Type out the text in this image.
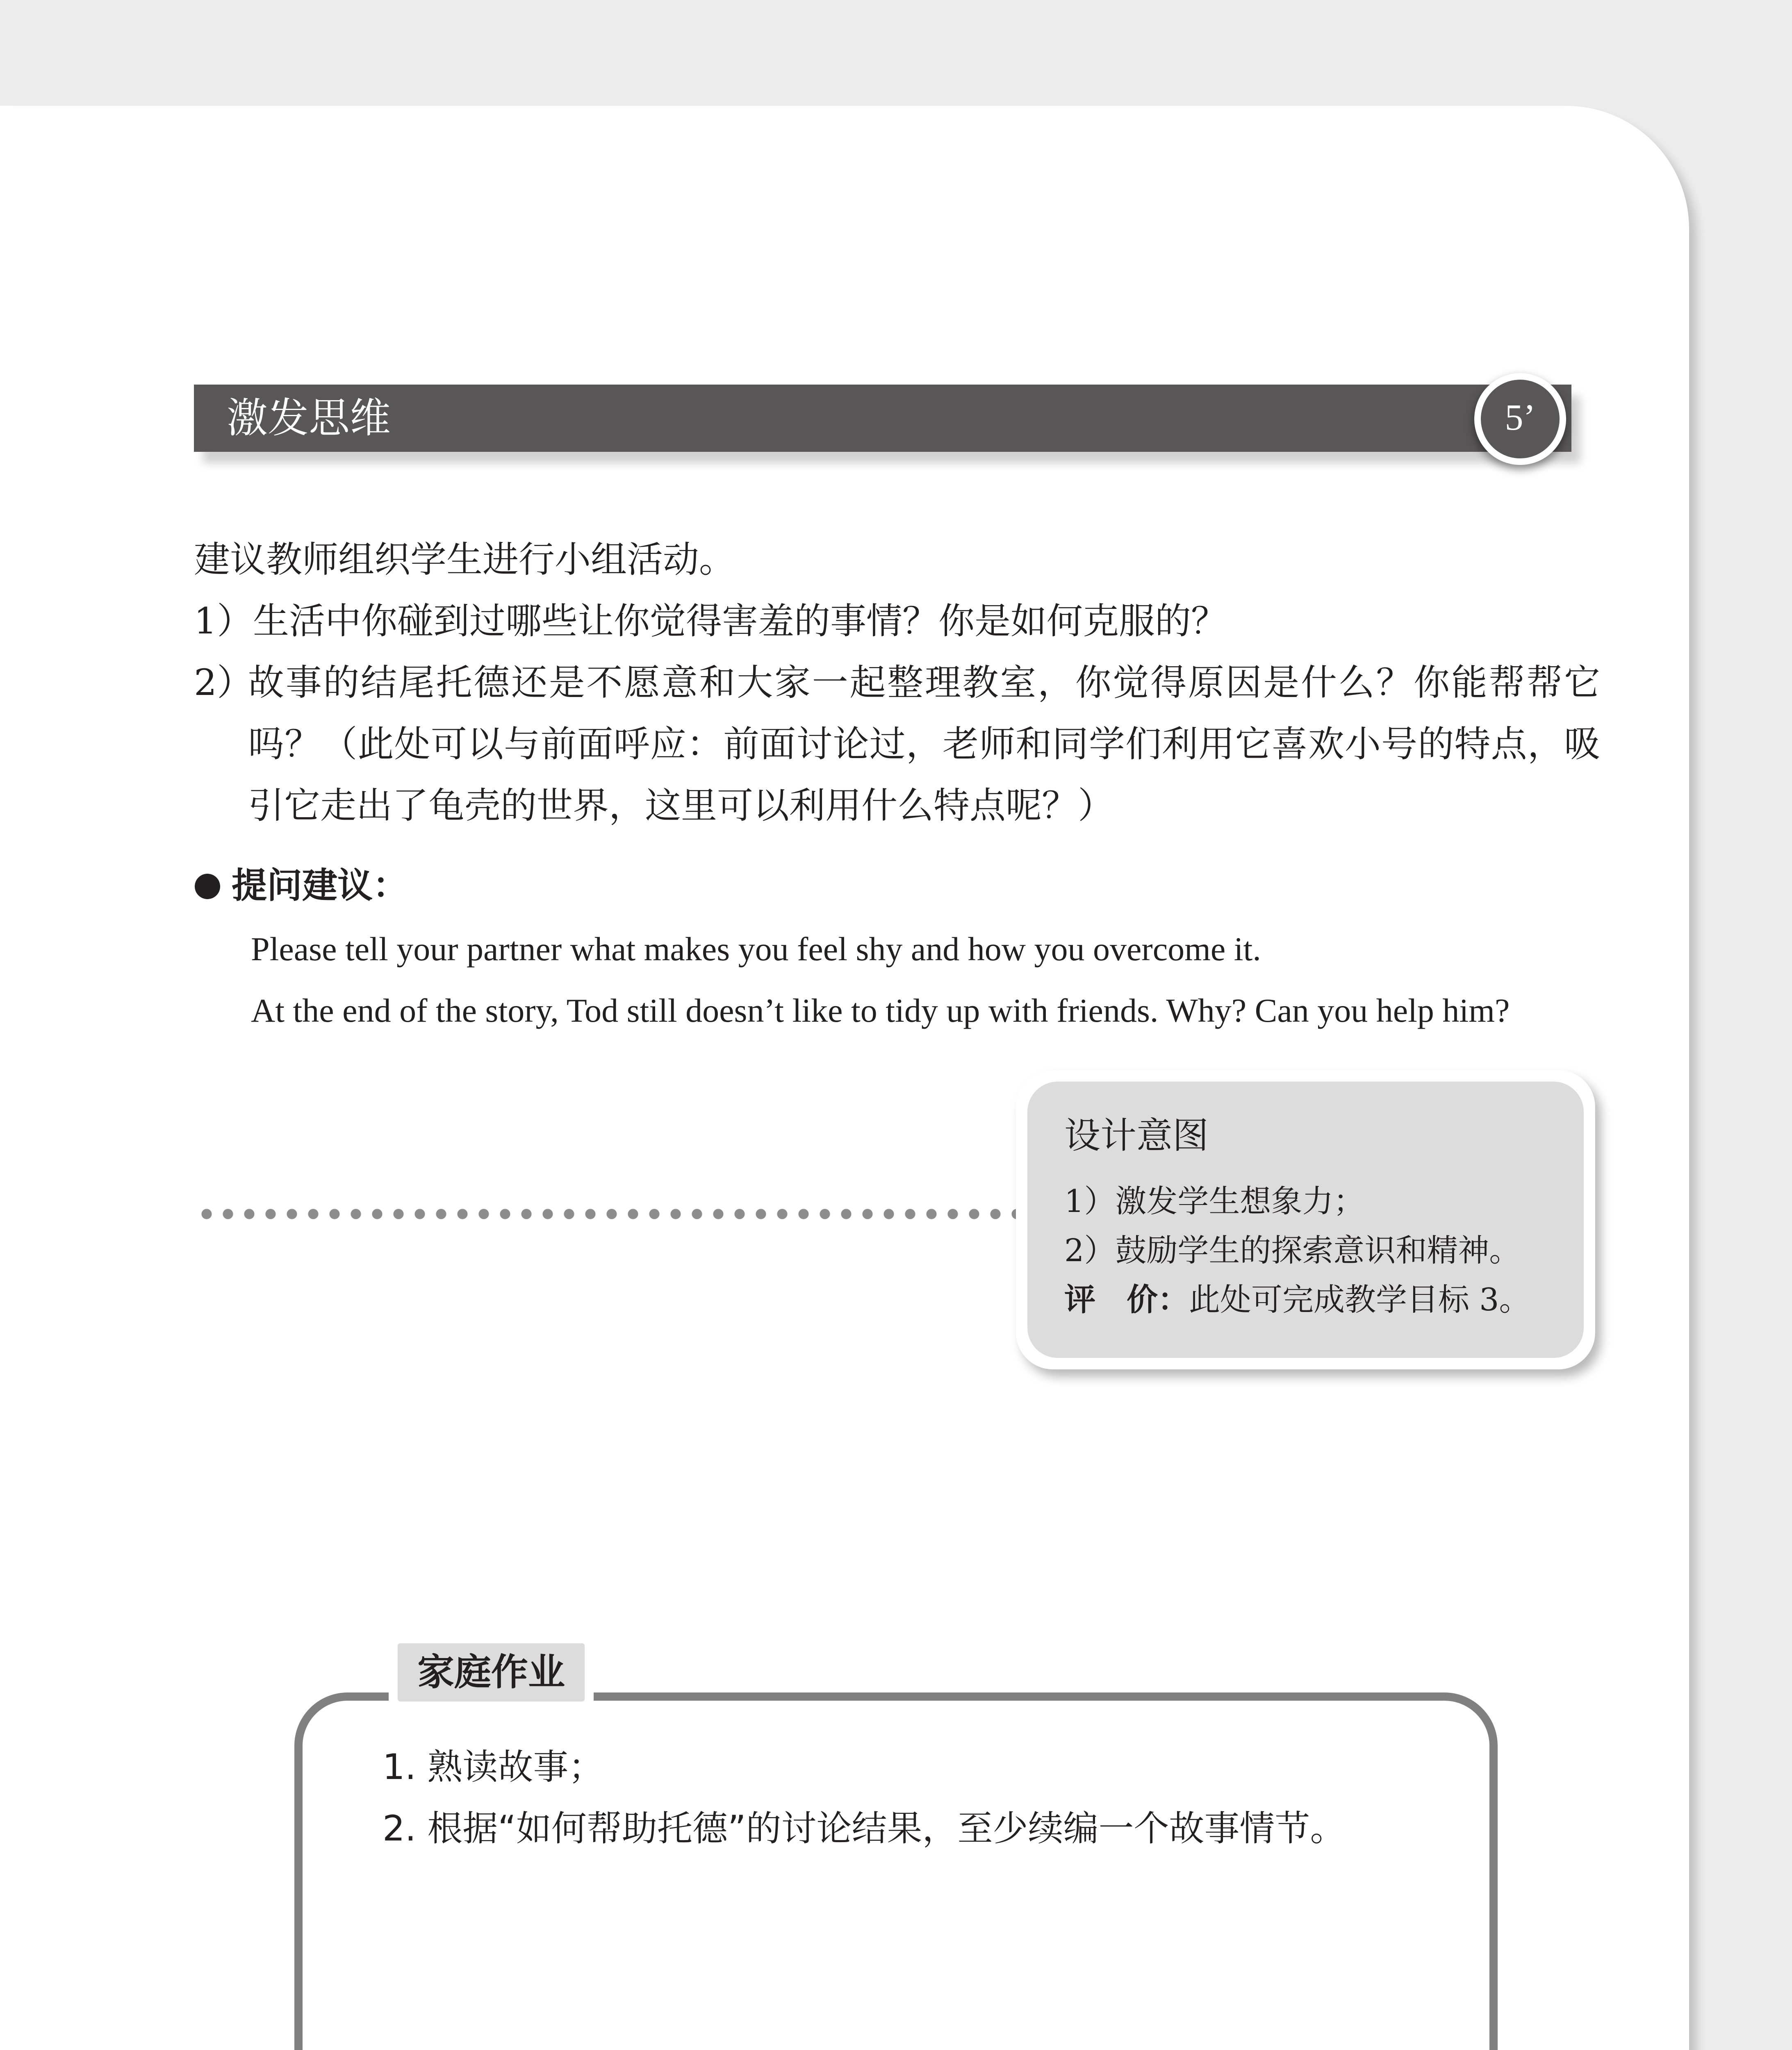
激发思维	5’
建议教师组织学生进行小组活动。
1）生活中你碰到过哪些让你觉得害羞的事情？你是如何克服的？
2）
故事的结尾托德还是不愿意和大家一起整理教室，你觉得原因是什么？你能帮帮它吗？（此处可以与前面呼应：前面讨论过，老师和同学们利用它喜欢小号的特点，吸引它走出了龟壳的世界，这里可以利用什么特点呢？）
提问建议：
Please tell your partner what makes you feel shy and how you overcome it.
At the end of the story, Tod still doesn’t like to tidy up with friends. Why? Can you help him?
设计意图
1）激发学生想象力；
2）鼓励学生的探索意识和精神。
评　价：此处可完成教学目标 3。
家庭作业
1. 熟读故事；
2. 根据“如何帮助托德”的讨论结果，至少续编一个故事情节。
